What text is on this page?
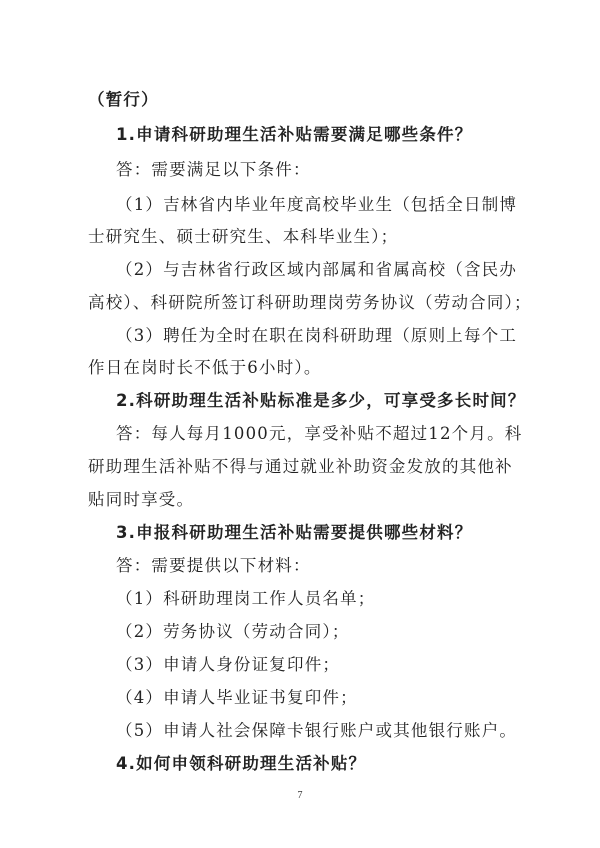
（暂行）
1.申请科研助理生活补贴需要满足哪些条件？
答：需要满足以下条件：
（1）吉林省内毕业年度高校毕业生（包括全日制博
士研究生、硕士研究生、本科毕业生）；
（2）与吉林省行政区域内部属和省属高校（含民办
高校）、科研院所签订科研助理岗劳务协议（劳动合同）；
（3）聘任为全时在职在岗科研助理（原则上每个工
作日在岗时长不低于6小时）。
2.科研助理生活补贴标准是多少，可享受多长时间？
答：每人每月1000元，享受补贴不超过12个月。科
研助理生活补贴不得与通过就业补助资金发放的其他补
贴同时享受。
3.申报科研助理生活补贴需要提供哪些材料？
答：需要提供以下材料：
（1）科研助理岗工作人员名单；
（2）劳务协议（劳动合同）；
（3）申请人身份证复印件；
（4）申请人毕业证书复印件；
（5）申请人社会保障卡银行账户或其他银行账户。
4.如何申领科研助理生活补贴？
7
